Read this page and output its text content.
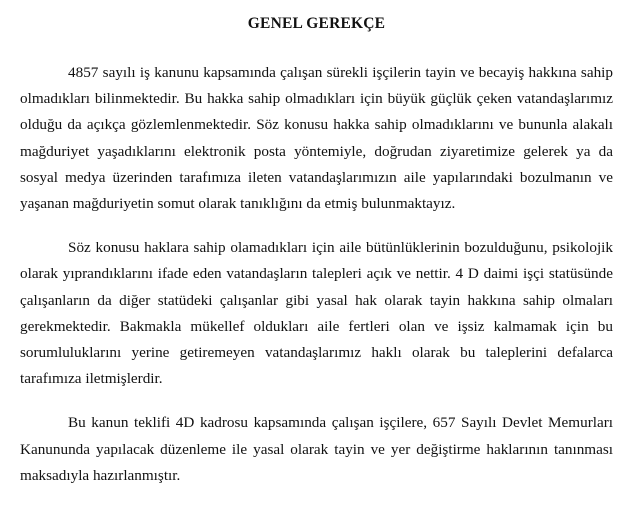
GENEL GEREKÇE

4857 sayılı iş kanunu kapsamında çalışan sürekli işçilerin tayin ve becayiş hakkına sahip olmadıkları bilinmektedir. Bu hakka sahip olmadıkları için büyük güçlük çeken vatandaşlarımız olduğu da açıkça gözlemlenmektedir. Söz konusu hakka sahip olmadıklarını ve bununla alakalı mağduriyet yaşadıklarını elektronik posta yöntemiyle, doğrudan ziyaretimize gelerek ya da sosyal medya üzerinden tarafımıza ileten vatandaşlarımızın aile yapılarındaki bozulmanın ve yaşanan mağduriyetin somut olarak tanıklığını da etmiş bulunmaktayız.

Söz konusu haklara sahip olamadıkları için aile bütünlüklerinin bozulduğunu, psikolojik olarak yıprandıklarını ifade eden vatandaşların talepleri açık ve nettir. 4 D daimi işçi statüsünde çalışanların da diğer statüdeki çalışanlar gibi yasal hak olarak tayin hakkına sahip olmaları gerekmektedir. Bakmakla mükellef oldukları aile fertleri olan ve işsiz kalmamak için bu sorumluluklarını yerine getiremeyen vatandaşlarımız haklı olarak bu taleplerini defalarca tarafımıza iletmişlerdir.

Bu kanun teklifi 4D kadrosu kapsamında çalışan işçilere, 657 Sayılı Devlet Memurları Kanununda yapılacak düzenleme ile yasal olarak tayin ve yer değiştirme haklarının tanınması maksadıyla hazırlanmıştır.
